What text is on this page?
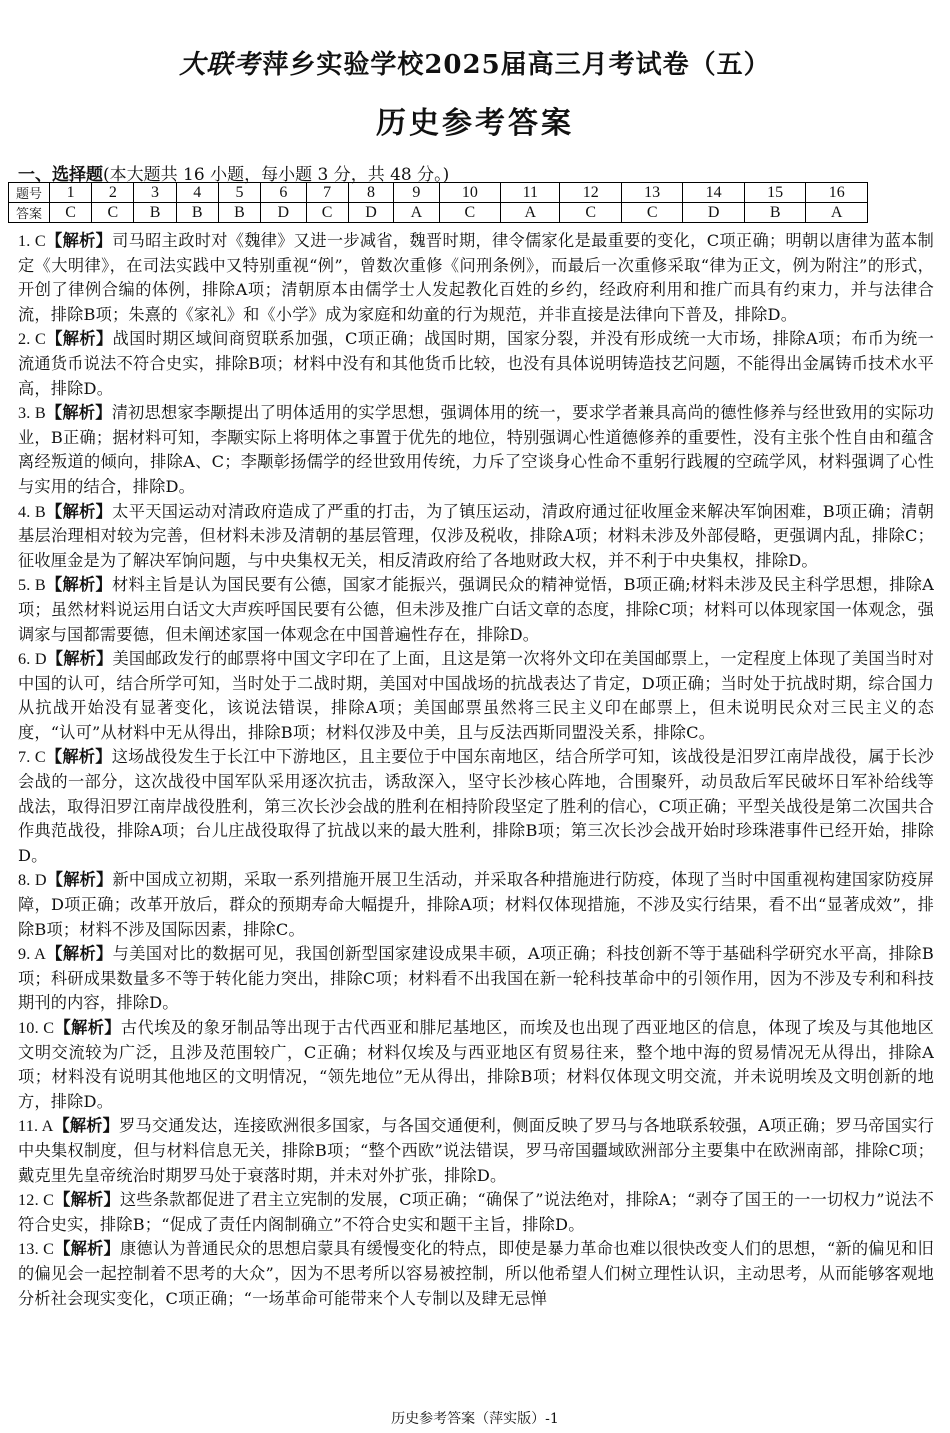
大联考萍乡实验学校2025届高三月考试卷（五）
历史参考答案
一、选择题(本大题共 16 小题，每小题 3 分，共 48 分。)
题号	1	2	3	4	5	6	7	8	9	10	11	12	13	14	15	16
答案	C	C	B	B	B	D	C	D	A	C	A	C	C	D	B	A

1. C【解析】司马昭主政时对《魏律》又进一步减省，魏晋时期，律令儒家化是最重要的变化，C项正确；明朝以唐律为蓝本制定《大明律》，在司法实践中又特别重视“例”，曾数次重修《问刑条例》，而最后一次重修采取“律为正文，例为附注”的形式，开创了律例合编的体例，排除A项；清朝原本由儒学士人发起教化百姓的乡约，经政府利用和推广而具有约束力，并与法律合流，排除B项；朱熹的《家礼》和《小学》成为家庭和幼童的行为规范，并非直接是法律向下普及，排除D。

2. C【解析】战国时期区域间商贸联系加强，C项正确；战国时期，国家分裂，并没有形成统一大市场，排除A项；布币为统一流通货币说法不符合史实，排除B项；材料中没有和其他货币比较，也没有具体说明铸造技艺问题，不能得出金属铸币技术水平高，排除D。

3. B【解析】清初思想家李颙提出了明体适用的实学思想，强调体用的统一，要求学者兼具高尚的德性修养与经世致用的实际功业，B正确；据材料可知，李颙实际上将明体之事置于优先的地位，特别强调心性道德修养的重要性，没有主张个性自由和蕴含离经叛道的倾向，排除A、C；李颙彰扬儒学的经世致用传统，力斥了空谈身心性命不重躬行践履的空疏学风，材料强调了心性与实用的结合，排除D。

4. B【解析】太平天国运动对清政府造成了严重的打击，为了镇压运动，清政府通过征收厘金来解决军饷困难，B项正确；清朝基层治理相对较为完善，但材料未涉及清朝的基层管理，仅涉及税收，排除A项；材料未涉及外部侵略，更强调内乱，排除C；征收厘金是为了解决军饷问题，与中央集权无关，相反清政府给了各地财政大权，并不利于中央集权，排除D。

5. B【解析】材料主旨是认为国民要有公德，国家才能振兴，强调民众的精神觉悟，B项正确;材料未涉及民主科学思想，排除A项；虽然材料说运用白话文大声疾呼国民要有公德，但未涉及推广白话文章的态度，排除C项；材料可以体现家国一体观念，强调家与国都需要德，但未阐述家国一体观念在中国普遍性存在，排除D。

6. D【解析】美国邮政发行的邮票将中国文字印在了上面，且这是第一次将外文印在美国邮票上，一定程度上体现了美国当时对中国的认可，结合所学可知，当时处于二战时期，美国对中国战场的抗战表达了肯定，D项正确；当时处于抗战时期，综合国力从抗战开始没有显著变化，该说法错误，排除A项；美国邮票虽然将三民主义印在邮票上，但未说明民众对三民主义的态度，“认可”从材料中无从得出，排除B项；材料仅涉及中美，且与反法西斯同盟没关系，排除C。

7. C【解析】这场战役发生于长江中下游地区，且主要位于中国东南地区，结合所学可知，该战役是汨罗江南岸战役，属于长沙会战的一部分，这次战役中国军队采用逐次抗击，诱敌深入，坚守长沙核心阵地，合围聚歼，动员敌后军民破坏日军补给线等战法，取得汨罗江南岸战役胜利，第三次长沙会战的胜利在相持阶段坚定了胜利的信心，C项正确；平型关战役是第二次国共合作典范战役，排除A项；台儿庄战役取得了抗战以来的最大胜利，排除B项；第三次长沙会战开始时珍珠港事件已经开始，排除D。

8. D【解析】新中国成立初期，采取一系列措施开展卫生活动，并采取各种措施进行防疫，体现了当时中国重视构建国家防疫屏障，D项正确；改革开放后，群众的预期寿命大幅提升，排除A项；材料仅体现措施，不涉及实行结果，看不出“显著成效”，排除B项；材料不涉及国际因素，排除C。

9. A【解析】与美国对比的数据可见，我国创新型国家建设成果丰硕，A项正确；科技创新不等于基础科学研究水平高，排除B项；科研成果数量多不等于转化能力突出，排除C项；材料看不出我国在新一轮科技革命中的引领作用，因为不涉及专利和科技期刊的内容，排除D。

10. C【解析】古代埃及的象牙制品等出现于古代西亚和腓尼基地区，而埃及也出现了西亚地区的信息，体现了埃及与其他地区文明交流较为广泛，且涉及范围较广，C正确；材料仅埃及与西亚地区有贸易往来，整个地中海的贸易情况无从得出，排除A项；材料没有说明其他地区的文明情况，“领先地位”无从得出，排除B项；材料仅体现文明交流，并未说明埃及文明创新的地方，排除D。

11. A【解析】罗马交通发达，连接欧洲很多国家，与各国交通便利，侧面反映了罗马与各地联系较强，A项正确；罗马帝国实行中央集权制度，但与材料信息无关，排除B项；“整个西欧”说法错误，罗马帝国疆域欧洲部分主要集中在欧洲南部，排除C项；戴克里先皇帝统治时期罗马处于衰落时期，并未对外扩张，排除D。

12. C【解析】这些条款都促进了君主立宪制的发展，C项正确；“确保了”说法绝对，排除A；“剥夺了国王的一一切权力”说法不符合史实，排除B；“促成了责任内阁制确立”不符合史实和题干主旨，排除D。

13. C【解析】康德认为普通民众的思想启蒙具有缓慢变化的特点，即使是暴力革命也难以很快改变人们的思想，“新的偏见和旧的偏见会一起控制着不思考的大众”，因为不思考所以容易被控制，所以他希望人们树立理性认识，主动思考，从而能够客观地分析社会现实变化，C项正确；“一场革命可能带来个人专制以及肆无忌惮

历史参考答案（萍实版）-1
